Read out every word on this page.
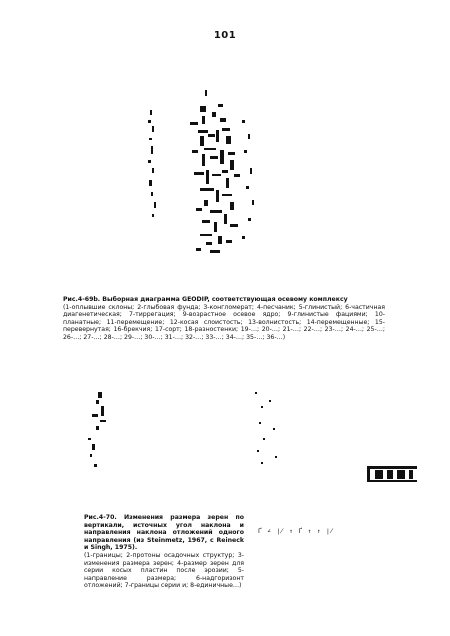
101
Рис.4-69b. Выборная диаграмма GEODIP, соответствующая осевому комплексу
(1-оплывшие склоны; 2-глыбовая фунда; 3-конгломерат; 4-песчаник; 5-глинистый; 6-частичная диагенетическая; 7-тиррегация; 9-возрастное осевое ядро; 9-глинистые фациями; 10-планатные; 11-перемещение; 12-косая слоистость; 13-волнистость; 14-перемещенные; 15-перевернутая; 16-брекчия; 17-сорт; 18-разностенки; 19-…; 20-…; 21-…; 22-…; 23-…; 24-…; 25-…; 26-…; 27-…; 28-…; 29-…; 30-…; 31-…; 32-…; 33-…; 34-…; 35-…; 36-…)
Рис.4-70. Изменения размера зерен по вертикали, источных угол наклона и направления наклона отложений одного направления (из Steinmetz, 1967, с Reineck и Singh, 1975).
(1-границы; 2-протоны осадочных структур; 3-изменения размера зерен; 4-размер зерен для серии косых пластин после эрозии; 5-направление размера; 6-надгоризонт отложений; 7-границы серии и; 8-единичные…)
Ґ ∠ ∤ ↑ Ґ ↑ ↑ ∤
